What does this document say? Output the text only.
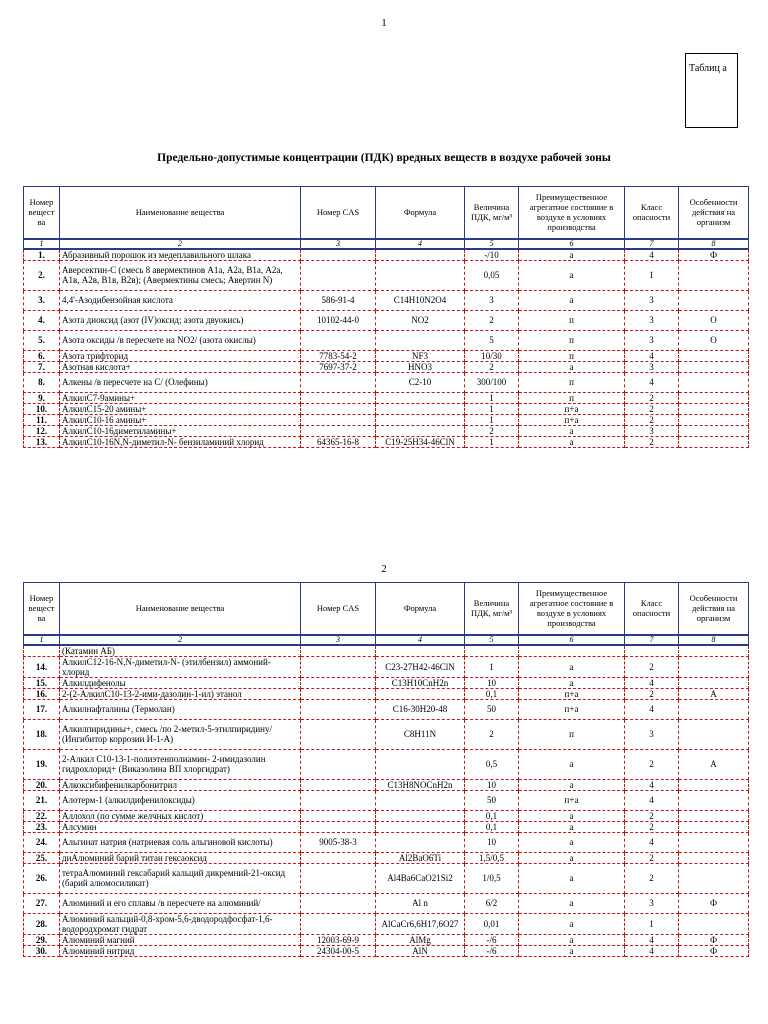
1
Таблиц а
Предельно-допустимые концентрации (ПДК) вредных веществ в воздухе рабочей зоны
Номер вещест ва	Наименование вещества	Номер CAS	Формула	Величина ПДК, мг/м³	Преимущественное агрегатное состояние в воздухе в условиях производства	Класс опасности	Особенности действия на организм
1	2	3	4	5	6	7	8
1.	Абразивный порошок из медеплавильного шлака			-/10	а	4	Ф
2.	Аверсектин-С (смесь 8 авермектинов А1а, А2а, В1а, А2а, А1в, А2в, В1в, В2в); (Авермектины смесь; Авертин N)			0,05	а	1	
3.	4,4'-Азодибензойная кислота	586-91-4	C14H10N2O4	3	а	3	
4.	Азота диоксид (азот (IV)оксид; азота двуокись)	10102-44-0	NO2	2	п	3	О
5.	Азота оксиды /в пересчете на NO2/ (азота окислы)			5	п	3	О
6.	Азота трифторид	7783-54-2	NF3	10/30	п	4	
7.	Азотная кислота+	7697-37-2	HNO3	2	а	3	
8.	Алкены /в пересчете на С/ (Олефины)		C2-10	300/100	п	4	
9.	АлкилС7-9амины+			1	п	2	
10.	АлкилС15-20 амины+			1	п+а	2	
11.	АлкилС10-16 амины+			1	п+а	2	
12.	АлкилС10-16диметиламины+			2	а	3	
13.	АлкилС10-16N,N-диметил-N- бензиламиний хлорид	64365-16-8	C19-25H34-46ClN	1	а	2	
2
Номер вещест ва	Наименование вещества	Номер CAS	Формула	Величина ПДК, мг/м³	Преимущественное агрегатное состояние в воздухе в условиях производства	Класс опасности	Особенности действия на организм
1	2	3	4	5	6	7	8
	(Катамин АБ)						
14.	АлкилС12-16-N,N-диметил-N- (этилбензил) аммоний-хлорид		C23-27H42-46ClN	1	а	2	
15.	Алкилдифенолы		C13H10CnH2n	10	а	4	
16.	2-(2-АлкилС10-13-2-ими-дазолин-1-ил) этанол			0,1	п+а	2	А
17.	Алкилнафталины (Термолан)		C16-30H20-48	50	п+а	4	
18.	Алкилпиридины+, смесь /по 2-метил-5-этилпиридину/ (Ингибитор коррозии И-1-А)		C8H11N	2	п	3	
19.	2-Алкил С10-13-1-полиэтенполиамин- 2-имидазолин гидрохлорид+ (Виказолина ВП хлоргидрат)			0,5	а	2	А
20.	Алкоксибифенилкарбонитрил		C13H8NOCnH2n	10	а	4	
21.	Алотерм-1 (алкилдифенилоксиды)			50	п+а	4	
22.	Аллохол (по сумме желчных кислот)			0,1	а	2	
23.	Алсумин			0,1	а	2	
24.	Альгинат натрия (натриевая соль альгиновой кислоты)	9005-38-3		10	а	4	
25.	диАлюминий барий титан гексаоксид		Al2BaO6Ti	1,5/0,5	а	2	
26.	тетраАлюминий гексабарий кальций дикремний-21-оксид (барий алюмосиликат)		Al4Ba6CaO21Si2	1/0,5	а	2	
27.	Алюминий и его сплавы /в пересчете на алюминий/		Al n	6/2	а	3	Ф
28.	Алюминий кальций-0,8-хром-5,6-дводородфосфат-1,6-водородхромат гидрат		AlCaCr6,6H17,6O27	0,01	а	1	
29.	Алюминий магний	12003-69-9	AlMg	-/6	а	4	Ф
30.	Алюминий нитрид	24304-00-5	AlN	-/6	а	4	Ф
